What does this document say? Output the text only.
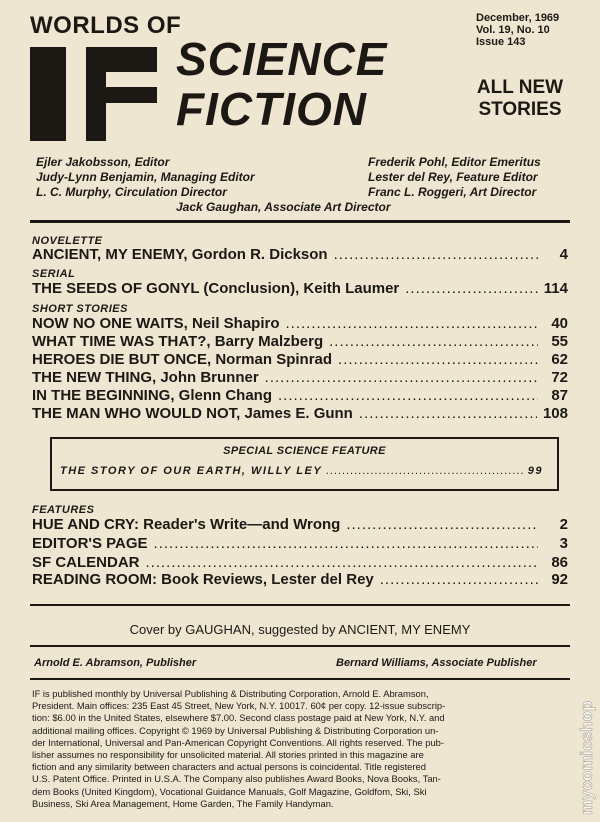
WORLDS OF
SCIENCE
FICTION
December, 1969
Vol. 19, No. 10
Issue 143
ALL NEW
STORIES
Ejler Jakobsson, Editor
Judy-Lynn Benjamin, Managing Editor
L. C. Murphy, Circulation Director
Frederik Pohl, Editor Emeritus
Lester del Rey, Feature Editor
Franc L. Roggeri, Art Director
Jack Gaughan, Associate Art Director
NOVELETTE
ANCIENT, MY ENEMY, Gordon R. Dickson .....	4
SERIAL
THE SEEDS OF GONYL (Conclusion), Keith Laumer .....	114
SHORT STORIES
NOW NO ONE WAITS, Neil Shapiro .....	40
WHAT TIME WAS THAT?, Barry Malzberg .....	55
HEROES DIE BUT ONCE, Norman Spinrad .....	62
THE NEW THING, John Brunner .....	72
IN THE BEGINNING, Glenn Chang .....	87
THE MAN WHO WOULD NOT, James E. Gunn .....	108
SPECIAL SCIENCE FEATURE
THE STORY OF OUR EARTH, WILLY LEY .....	99
FEATURES
HUE AND CRY: Reader's Write—and Wrong .....	2
EDITOR'S PAGE .....	3
SF CALENDAR .....	86
READING ROOM: Book Reviews, Lester del Rey .....	92
Cover by GAUGHAN, suggested by ANCIENT, MY ENEMY
Arnold E. Abramson, Publisher	Bernard Williams, Associate Publisher
IF is published monthly by Universal Publishing & Distributing Corporation, Arnold E. Abramson,
President. Main offices: 235 East 45 Street, New York, N.Y. 10017. 60¢ per copy. 12-issue subscrip-
tion: $6.00 in the United States, elsewhere $7.00. Second class postage paid at New York, N.Y. and
additional mailing offices. Copyright © 1969 by Universal Publishing & Distributing Corporation un-
der International, Universal and Pan-American Copyright Conventions. All rights reserved. The pub-
lisher assumes no responsibility for unsolicited material. All stories printed in this magazine are
fiction and any similarity between characters and actual persons is coincidental. Title registered
U.S. Patent Office. Printed in U.S.A. The Company also publishes Award Books, Nova Books, Tan-
dem Books (United Kingdom), Vocational Guidance Manuals, Golf Magazine, Goldfom, Ski, Ski
Business, Ski Area Management, Home Garden, The Family Handyman.	mycomicshop
